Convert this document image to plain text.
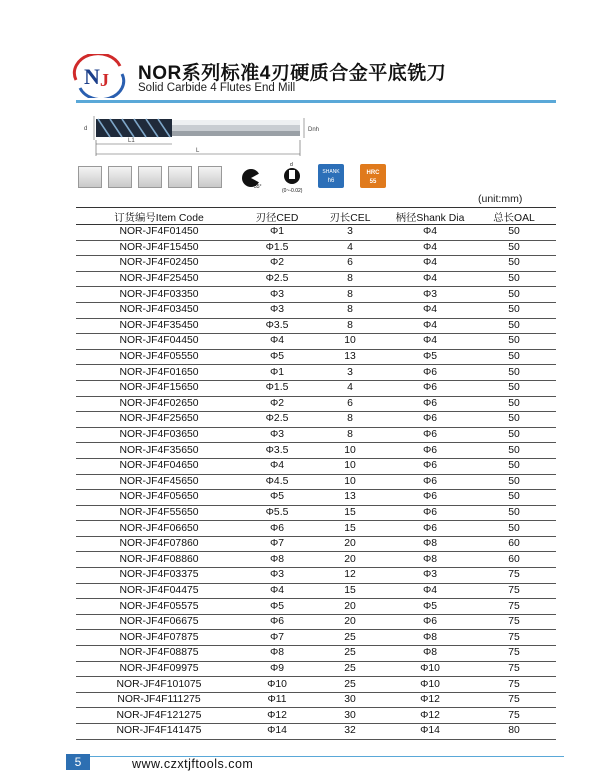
N J NOR系列标准4刃硬质合金平底铣刀
Solid Carbide 4 Flutes End Mill
d	Dnh
L1
L
35°
d
(0~-0.02)
SHANK
h6
HRC
55
(unit:mm)
订货编号Item Code	刃径CED	刃长CEL	柄径Shank Dia	总长OAL
NOR-JF4F01450	Φ1	3	Φ4	50
NOR-JF4F15450	Φ1.5	4	Φ4	50
NOR-JF4F02450	Φ2	6	Φ4	50
NOR-JF4F25450	Φ2.5	8	Φ4	50
NOR-JF4F03350	Φ3	8	Φ3	50
NOR-JF4F03450	Φ3	8	Φ4	50
NOR-JF4F35450	Φ3.5	8	Φ4	50
NOR-JF4F04450	Φ4	10	Φ4	50
NOR-JF4F05550	Φ5	13	Φ5	50
NOR-JF4F01650	Φ1	3	Φ6	50
NOR-JF4F15650	Φ1.5	4	Φ6	50
NOR-JF4F02650	Φ2	6	Φ6	50
NOR-JF4F25650	Φ2.5	8	Φ6	50
NOR-JF4F03650	Φ3	8	Φ6	50
NOR-JF4F35650	Φ3.5	10	Φ6	50
NOR-JF4F04650	Φ4	10	Φ6	50
NOR-JF4F45650	Φ4.5	10	Φ6	50
NOR-JF4F05650	Φ5	13	Φ6	50
NOR-JF4F55650	Φ5.5	15	Φ6	50
NOR-JF4F06650	Φ6	15	Φ6	50
NOR-JF4F07860	Φ7	20	Φ8	60
NOR-JF4F08860	Φ8	20	Φ8	60
NOR-JF4F03375	Φ3	12	Φ3	75
NOR-JF4F04475	Φ4	15	Φ4	75
NOR-JF4F05575	Φ5	20	Φ5	75
NOR-JF4F06675	Φ6	20	Φ6	75
NOR-JF4F07875	Φ7	25	Φ8	75
NOR-JF4F08875	Φ8	25	Φ8	75
NOR-JF4F09975	Φ9	25	Φ10	75
NOR-JF4F101075	Φ10	25	Φ10	75
NOR-JF4F111275	Φ11	30	Φ12	75
NOR-JF4F121275	Φ12	30	Φ12	75
NOR-JF4F141475	Φ14	32	Φ14	80
5	www.czxtjftools.com
